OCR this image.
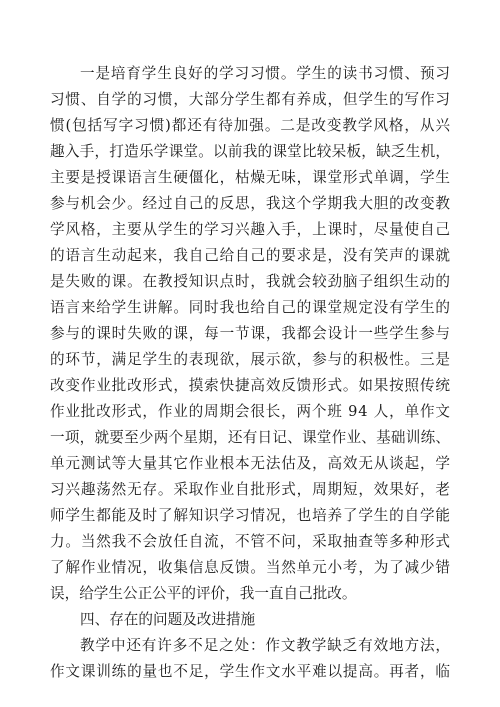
一是培育学生良好的学习习惯。学生的读书习惯、预习
习惯、自学的习惯，大部分学生都有养成，但学生的写作习
惯(包括写字习惯)都还有待加强。二是改变教学风格，从兴
趣入手，打造乐学课堂。以前我的课堂比较呆板，缺乏生机，
主要是授课语言生硬僵化，枯燥无味，课堂形式单调，学生
参与机会少。经过自己的反思，我这个学期我大胆的改变教
学风格，主要从学生的学习兴趣入手，上课时，尽量使自己
的语言生动起来，我自己给自己的要求是，没有笑声的课就
是失败的课。在教授知识点时，我就会较劲脑子组织生动的
语言来给学生讲解。同时我也给自己的课堂规定没有学生的
参与的课时失败的课，每一节课，我都会设计一些学生参与
的环节，满足学生的表现欲，展示欲，参与的积极性。三是
改变作业批改形式，摸索快捷高效反馈形式。如果按照传统
作业批改形式，作业的周期会很长，两个班 94 人，单作文
一项，就要至少两个星期，还有日记、课堂作业、基础训练、
单元测试等大量其它作业根本无法估及，高效无从谈起，学
习兴趣荡然无存。采取作业自批形式，周期短，效果好，老
师学生都能及时了解知识学习情况，也培养了学生的自学能
力。当然我不会放任自流，不管不问，采取抽查等多种形式
了解作业情况，收集信息反馈。当然单元小考，为了减少错
误，给学生公正公平的评价，我一直自己批改。
四、存在的问题及改进措施
教学中还有许多不足之处：作文教学缺乏有效地方法，
作文课训练的量也不足，学生作文水平难以提高。再者，临
